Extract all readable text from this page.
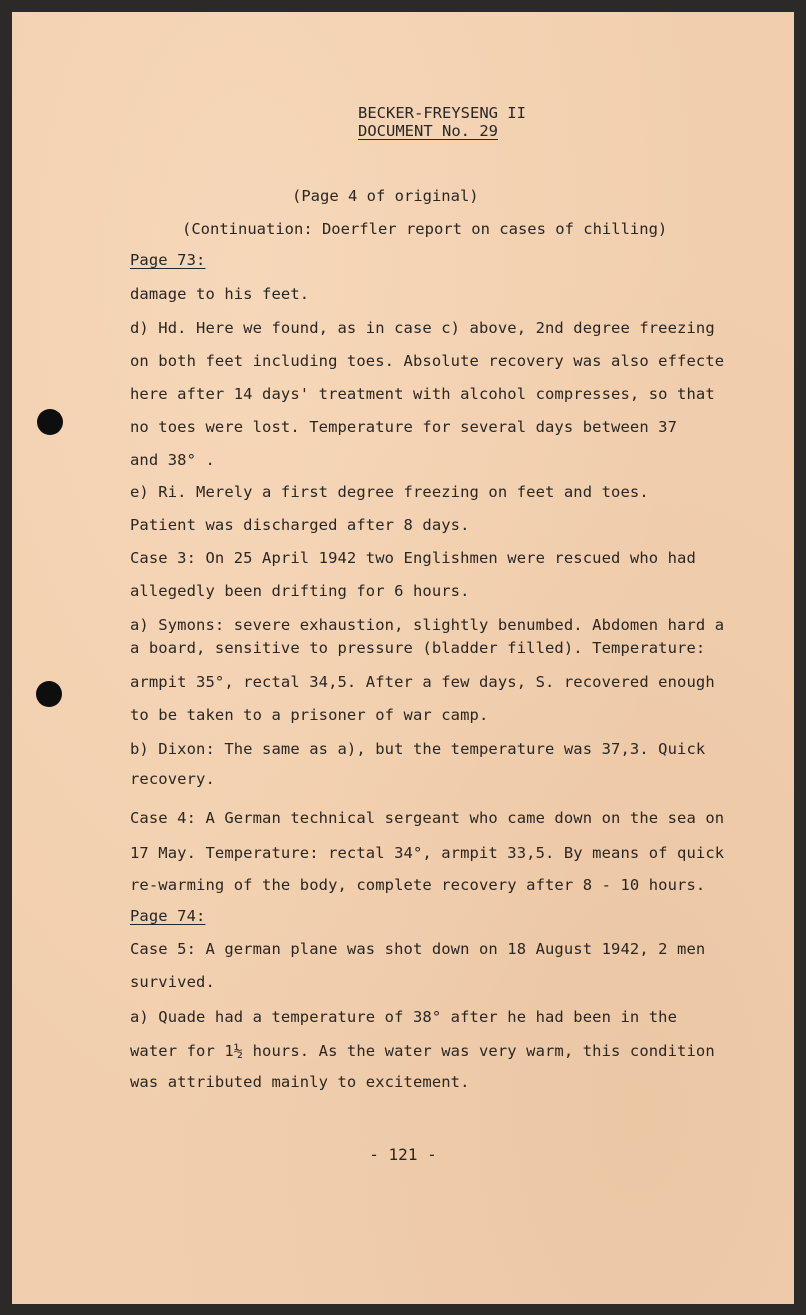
BECKER-FREYSENG II
DOCUMENT No. 29
(Page 4 of original)
(Continuation: Doerfler report on cases of chilling)
Page 73:
damage to his feet.
d) Hd. Here we found, as in case c) above, 2nd degree freezing
on both feet including toes. Absolute recovery was also effecte
here after 14 days' treatment with alcohol compresses, so that
no toes were lost. Temperature for several days between 37
and 38° .
e) Ri. Merely a first degree freezing on feet and toes.
Patient was discharged after 8 days.
Case 3: On 25 April 1942 two Englishmen were rescued who had
allegedly been drifting for 6 hours.
a) Symons: severe exhaustion, slightly benumbed. Abdomen hard a
a board, sensitive to pressure (bladder filled). Temperature:
armpit 35°, rectal 34,5. After a few days, S. recovered enough
to be taken to a prisoner of war camp.
b) Dixon: The same as a), but the temperature was 37,3. Quick
recovery.
Case 4: A German technical sergeant who came down on the sea on
17 May. Temperature: rectal 34°, armpit 33,5. By means of quick
re-warming of the body, complete recovery after 8 - 10 hours.
Page 74:
Case 5: A german plane was shot down on 18 August 1942, 2 men
survived.
a) Quade had a temperature of 38° after he had been in the
water for 1½ hours. As the water was very warm, this condition
was attributed mainly to excitement.
- 121 -
